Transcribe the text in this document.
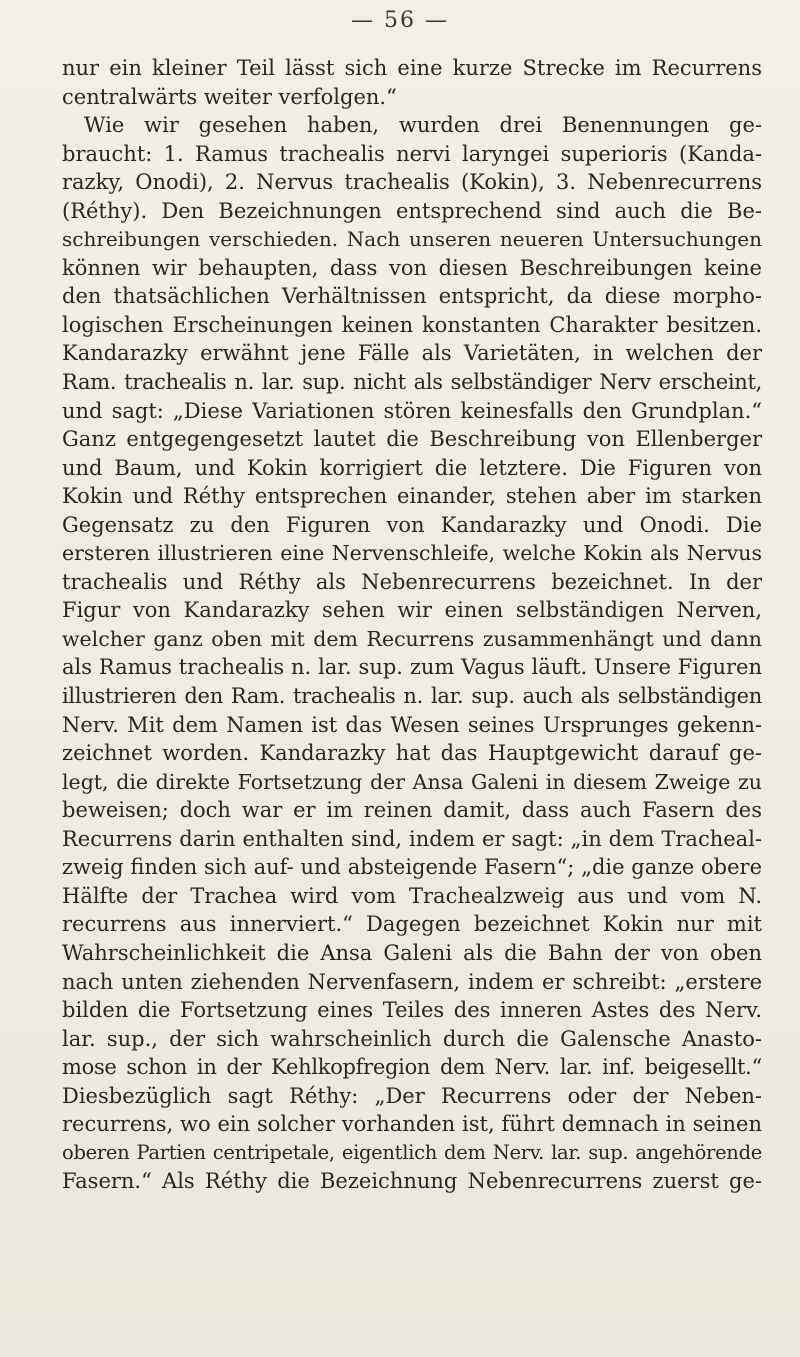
— 56 —
nur ein kleiner Teil lässt sich eine kurze Strecke im Recurrens
centralwärts weiter verfolgen.“
Wie wir gesehen haben, wurden drei Benennungen ge-
braucht: 1. Ramus trachealis nervi laryngei superioris (Kanda-
razky, Onodi), 2. Nervus trachealis (Kokin), 3. Nebenrecurrens
(Réthy). Den Bezeichnungen entsprechend sind auch die Be-
schreibungen verschieden. Nach unseren neueren Untersuchungen
können wir behaupten, dass von diesen Beschreibungen keine
den thatsächlichen Verhältnissen entspricht, da diese morpho-
logischen Erscheinungen keinen konstanten Charakter besitzen.
Kandarazky erwähnt jene Fälle als Varietäten, in welchen der
Ram. trachealis n. lar. sup. nicht als selbständiger Nerv erscheint,
und sagt: „Diese Variationen stören keinesfalls den Grundplan.“
Ganz entgegengesetzt lautet die Beschreibung von Ellenberger
und Baum, und Kokin korrigiert die letztere. Die Figuren von
Kokin und Réthy entsprechen einander, stehen aber im starken
Gegensatz zu den Figuren von Kandarazky und Onodi. Die
ersteren illustrieren eine Nervenschleife, welche Kokin als Nervus
trachealis und Réthy als Nebenrecurrens bezeichnet. In der
Figur von Kandarazky sehen wir einen selbständigen Nerven,
welcher ganz oben mit dem Recurrens zusammenhängt und dann
als Ramus trachealis n. lar. sup. zum Vagus läuft. Unsere Figuren
illustrieren den Ram. trachealis n. lar. sup. auch als selbständigen
Nerv. Mit dem Namen ist das Wesen seines Ursprunges gekenn-
zeichnet worden. Kandarazky hat das Hauptgewicht darauf ge-
legt, die direkte Fortsetzung der Ansa Galeni in diesem Zweige zu
beweisen; doch war er im reinen damit, dass auch Fasern des
Recurrens darin enthalten sind, indem er sagt: „in dem Tracheal-
zweig finden sich auf- und absteigende Fasern“; „die ganze obere
Hälfte der Trachea wird vom Trachealzweig aus und vom N.
recurrens aus innerviert.“ Dagegen bezeichnet Kokin nur mit
Wahrscheinlichkeit die Ansa Galeni als die Bahn der von oben
nach unten ziehenden Nervenfasern, indem er schreibt: „erstere
bilden die Fortsetzung eines Teiles des inneren Astes des Nerv.
lar. sup., der sich wahrscheinlich durch die Galensche Anasto-
mose schon in der Kehlkopfregion dem Nerv. lar. inf. beigesellt.“
Diesbezüglich sagt Réthy: „Der Recurrens oder der Neben-
recurrens, wo ein solcher vorhanden ist, führt demnach in seinen
oberen Partien centripetale, eigentlich dem Nerv. lar. sup. angehörende
Fasern.“ Als Réthy die Bezeichnung Nebenrecurrens zuerst ge-
